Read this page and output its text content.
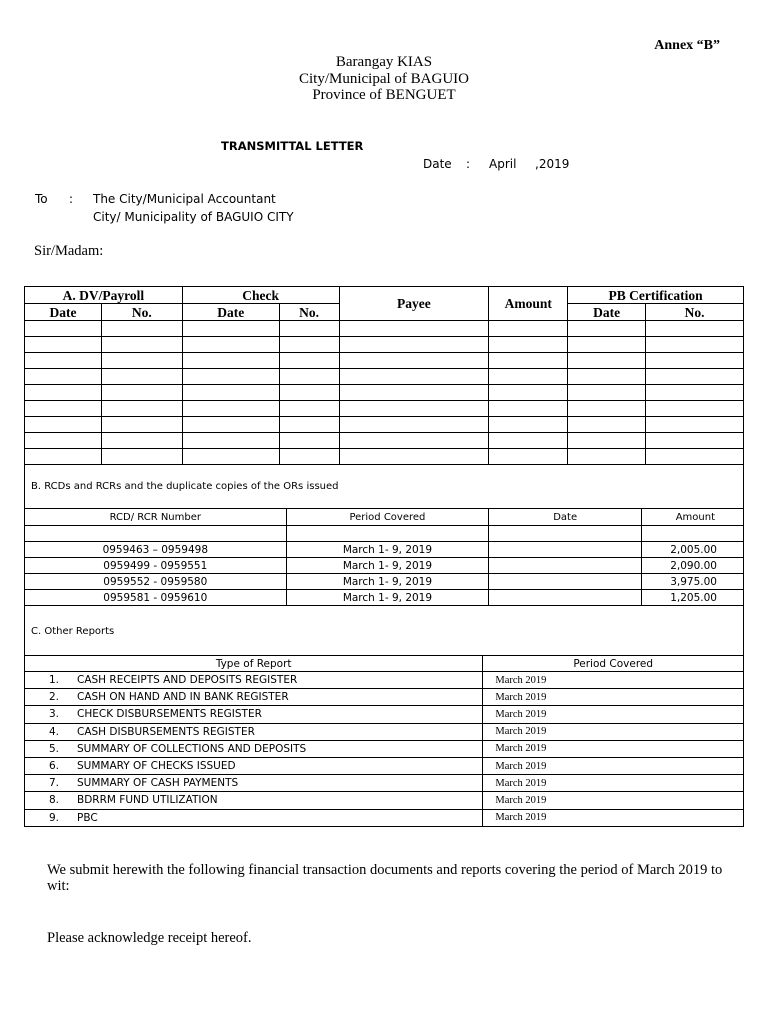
Annex “B”
Barangay KIAS
City/Municipal of BAGUIO
Province of BENGUET
TRANSMITTAL LETTER
Date : April ,2019
To : The City/Municipal Accountant
City/ Municipality of BAGUIO CITY
Sir/Madam:
A. DV/Payroll		Check		Payee	Amount	PB Certification	
Date	No.	Date	No.			Date	No.

B. RCDs and RCRs and the duplicate copies of the ORs issued
RCD/ RCR Number	Period Covered	Date	Amount

0959463 – 0959498	March 1- 9, 2019		2,005.00
0959499 - 0959551	March 1- 9, 2019		2,090.00
0959552 - 0959580	March 1- 9, 2019		3,975.00
0959581 - 0959610	March 1- 9, 2019		1,205.00
C. Other Reports
Type of Report	Period Covered
1. CASH RECEIPTS AND DEPOSITS REGISTER	March 2019
2. CASH ON HAND AND IN BANK REGISTER	March 2019
3. CHECK DISBURSEMENTS REGISTER	March 2019
4. CASH DISBURSEMENTS REGISTER	March 2019
5. SUMMARY OF COLLECTIONS AND DEPOSITS	March 2019
6. SUMMARY OF CHECKS ISSUED	March 2019
7. SUMMARY OF CASH PAYMENTS	March 2019
8. BDRRM FUND UTILIZATION	March 2019
9. PBC	March 2019
We submit herewith the following financial transaction documents and reports covering the period of March 2019 to wit:
Please acknowledge receipt hereof.
